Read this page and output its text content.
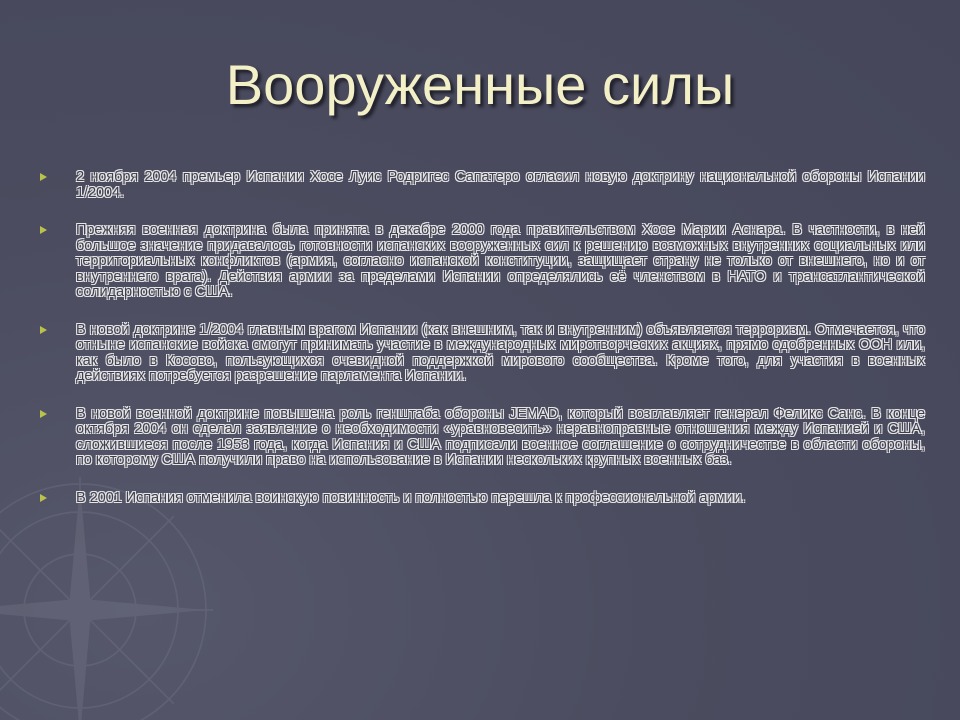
Вооруженные силы
2 ноября 2004 премьер Испании Хосе Луис Родригес Сапатеро огласил новую доктрину национальной обороны Испании 1/2004.
Прежняя военная доктрина была принята в декабре 2000 года правительством Хосе Марии Аснара. В частности, в ней большое значение придавалось готовности испанских вооруженных сил к решению возможных внутренних социальных или территориальных конфликтов (армия, согласно испанской конституции, защищает страну не только от внешнего, но и от внутреннего врага). Действия армии за пределами Испании определялись её членством в НАТО и трансатлантической солидарностью с США.
В новой доктрине 1/2004 главным врагом Испании (как внешним, так и внутренним) объявляется терроризм. Отмечается, что отныне испанские войска смогут принимать участие в международных миротворческих акциях, прямо одобренных ООН или, как было в Косово, пользующихся очевидной поддержкой мирового сообщества. Кроме того, для участия в военных действиях потребуется разрешение парламента Испании.
В новой военной доктрине повышена роль генштаба обороны JEMAD, который возглавляет генерал Феликс Санс. В конце октября 2004 он сделал заявление о необходимости «уравновесить» неравноправные отношения между Испанией и США, сложившиеся после 1953 года, когда Испания и США подписали военное соглашение о сотрудничестве в области обороны, по которому США получили право на использование в Испании нескольких крупных военных баз.
В 2001 Испания отменила воинскую повинность и полностью перешла к профессиональной армии.
